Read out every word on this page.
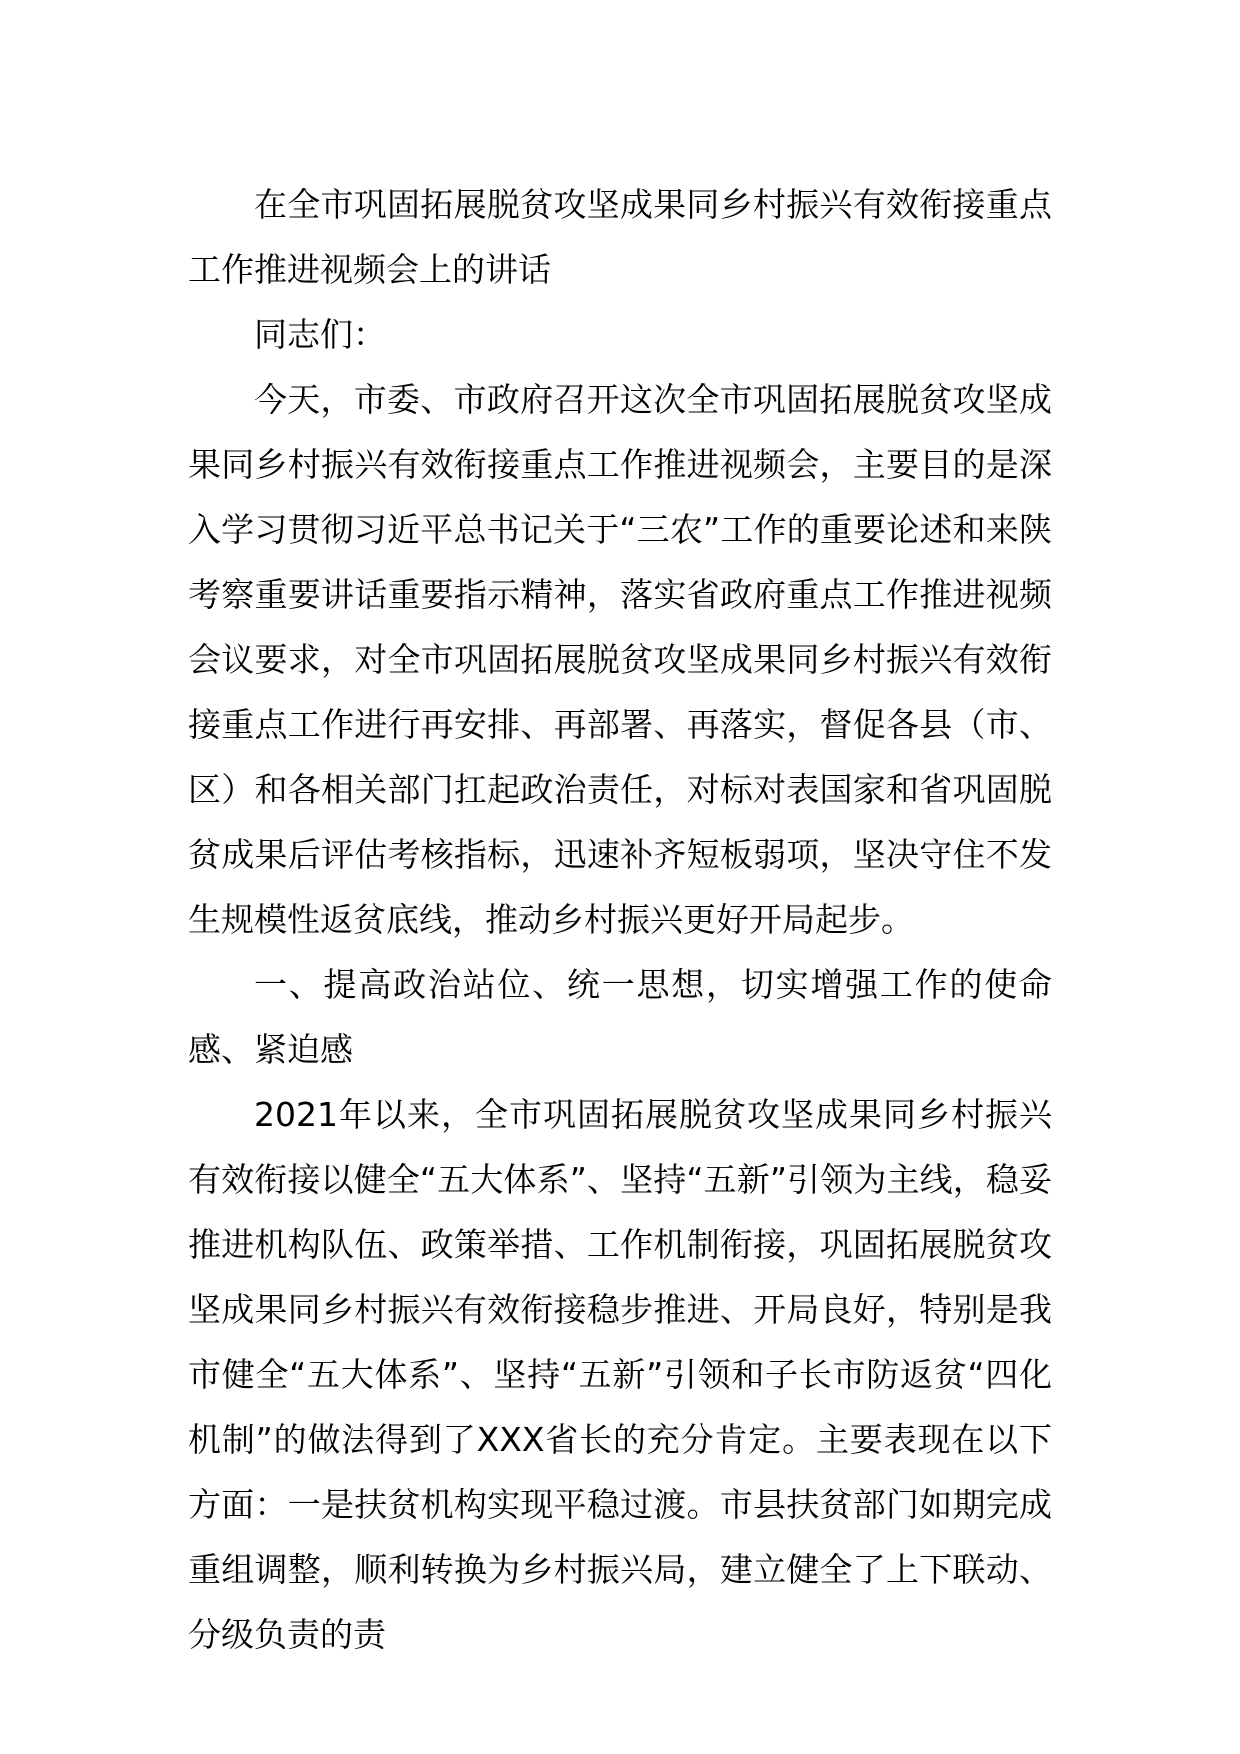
在全市巩固拓展脱贫攻坚成果同乡村振兴有效衔接重点工作推进视频会上的讲话

同志们：

今天，市委、市政府召开这次全市巩固拓展脱贫攻坚成果同乡村振兴有效衔接重点工作推进视频会，主要目的是深入学习贯彻习近平总书记关于“三农”工作的重要论述和来陕考察重要讲话重要指示精神，落实省政府重点工作推进视频会议要求，对全市巩固拓展脱贫攻坚成果同乡村振兴有效衔接重点工作进行再安排、再部署、再落实，督促各县（市、区）和各相关部门扛起政治责任，对标对表国家和省巩固脱贫成果后评估考核指标，迅速补齐短板弱项，坚决守住不发生规模性返贫底线，推动乡村振兴更好开局起步。

一、提高政治站位、统一思想，切实增强工作的使命感、紧迫感

2021年以来，全市巩固拓展脱贫攻坚成果同乡村振兴有效衔接以健全“五大体系”、坚持“五新”引领为主线，稳妥推进机构队伍、政策举措、工作机制衔接，巩固拓展脱贫攻坚成果同乡村振兴有效衔接稳步推进、开局良好，特别是我市健全“五大体系”、坚持“五新”引领和子长市防返贫“四化机制”的做法得到了XXX省长的充分肯定。主要表现在以下方面：一是扶贫机构实现平稳过渡。市县扶贫部门如期完成重组调整，顺利转换为乡村振兴局，建立健全了上下联动、分级负责的责
